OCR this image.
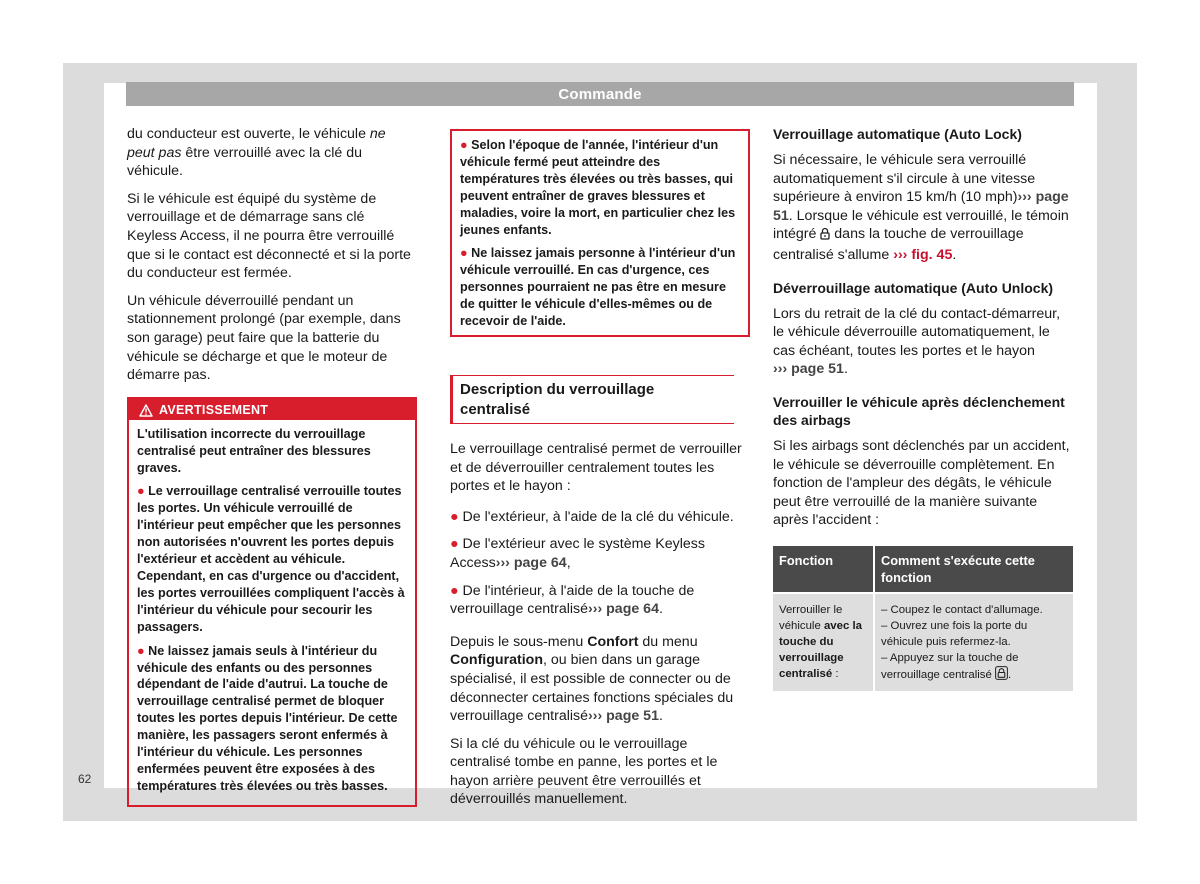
Commande

du conducteur est ouverte, le véhicule ne peut pas être verrouillé avec la clé du véhicule.

Si le véhicule est équipé du système de verrouillage et de démarrage sans clé Keyless Access, il ne pourra être verrouillé que si le contact est déconnecté et si la porte du conducteur est fermée.

Un véhicule déverrouillé pendant un stationnement prolongé (par exemple, dans son garage) peut faire que la batterie du véhicule se décharge et que le moteur de démarre pas.

AVERTISSEMENT

L'utilisation incorrecte du verrouillage centralisé peut entraîner des blessures graves.

● Le verrouillage centralisé verrouille toutes les portes. Un véhicule verrouillé de l'intérieur peut empêcher que les personnes non autorisées n'ouvrent les portes depuis l'extérieur et accèdent au véhicule. Cependant, en cas d'urgence ou d'accident, les portes verrouillées compliquent l'accès à l'intérieur du véhicule pour secourir les passagers.

● Ne laissez jamais seuls à l'intérieur du véhicule des enfants ou des personnes dépendant de l'aide d'autrui. La touche de verrouillage centralisé permet de bloquer toutes les portes depuis l'intérieur. De cette manière, les passagers seront enfermés à l'intérieur du véhicule. Les personnes enfermées peuvent être exposées à des températures très élevées ou très basses.

● Selon l'époque de l'année, l'intérieur d'un véhicule fermé peut atteindre des températures très élevées ou très basses, qui peuvent entraîner de graves blessures et maladies, voire la mort, en particulier chez les jeunes enfants.

● Ne laissez jamais personne à l'intérieur d'un véhicule verrouillé. En cas d'urgence, ces personnes pourraient ne pas être en mesure de quitter le véhicule d'elles-mêmes ou de recevoir de l'aide.

Description du verrouillage centralisé

Le verrouillage centralisé permet de verrouiller et de déverrouiller centralement toutes les portes et le hayon :

● De l'extérieur, à l'aide de la clé du véhicule.

● De l'extérieur avec le système Keyless Access››› page 64,

● De l'intérieur, à l'aide de la touche de verrouillage centralisé››› page 64.

Depuis le sous-menu Confort du menu Configuration, ou bien dans un garage spécialisé, il est possible de connecter ou de déconnecter certaines fonctions spéciales du verrouillage centralisé››› page 51.

Si la clé du véhicule ou le verrouillage centralisé tombe en panne, les portes et le hayon arrière peuvent être verrouillés et déverrouillés manuellement.

Verrouillage automatique (Auto Lock)

Si nécessaire, le véhicule sera verrouillé automatiquement s'il circule à une vitesse supérieure à environ 15 km/h (10 mph)››› page 51. Lorsque le véhicule est verrouillé, le témoin intégré dans la touche de verrouillage centralisé s'allume ››› fig. 45.

Déverrouillage automatique (Auto Unlock)

Lors du retrait de la clé du contact-démarreur, le véhicule déverrouille automatiquement, le cas échéant, toutes les portes et le hayon
››› page 51.

Verrouiller le véhicule après déclenchement des airbags

Si les airbags sont déclenchés par un accident, le véhicule se déverrouille complètement. En fonction de l'ampleur des dégâts, le véhicule peut être verrouillé de la manière suivante après l'accident :

Fonction	Comment s'exécute cette fonction
Verrouiller le véhicule avec la touche du verrouillage centralisé :	– Coupez le contact d'allumage.
– Ouvrez une fois la porte du véhicule puis refermez-la.
– Appuyez sur la touche de verrouillage centralisé .
62
